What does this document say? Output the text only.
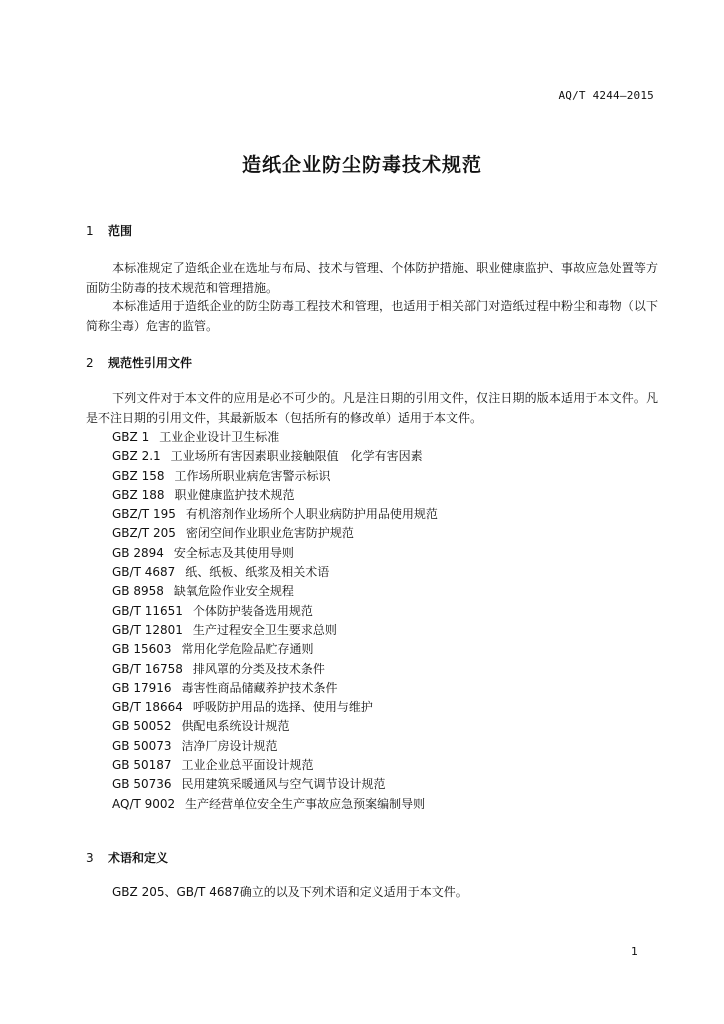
AQ/T 4244—2015
造纸企业防尘防毒技术规范
1 范围
本标准规定了造纸企业在选址与布局、技术与管理、个体防护措施、职业健康监护、事故应急处置等方面防尘防毒的技术规范和管理措施。
本标准适用于造纸企业的防尘防毒工程技术和管理，也适用于相关部门对造纸过程中粉尘和毒物（以下简称尘毒）危害的监管。
2 规范性引用文件
下列文件对于本文件的应用是必不可少的。凡是注日期的引用文件，仅注日期的版本适用于本文件。凡是不注日期的引用文件，其最新版本（包括所有的修改单）适用于本文件。
GBZ 1 工业企业设计卫生标准
GBZ 2.1 工业场所有害因素职业接触限值　化学有害因素
GBZ 158 工作场所职业病危害警示标识
GBZ 188 职业健康监护技术规范
GBZ/T 195 有机溶剂作业场所个人职业病防护用品使用规范
GBZ/T 205 密闭空间作业职业危害防护规范
GB 2894 安全标志及其使用导则
GB/T 4687 纸、纸板、纸浆及相关术语
GB 8958 缺氧危险作业安全规程
GB/T 11651 个体防护装备选用规范
GB/T 12801 生产过程安全卫生要求总则
GB 15603 常用化学危险品贮存通则
GB/T 16758 排风罩的分类及技术条件
GB 17916 毒害性商品储藏养护技术条件
GB/T 18664 呼吸防护用品的选择、使用与维护
GB 50052 供配电系统设计规范
GB 50073 洁净厂房设计规范
GB 50187 工业企业总平面设计规范
GB 50736 民用建筑采暖通风与空气调节设计规范
AQ/T 9002 生产经营单位安全生产事故应急预案编制导则
3 术语和定义
GBZ 205、GB/T 4687确立的以及下列术语和定义适用于本文件。
1
